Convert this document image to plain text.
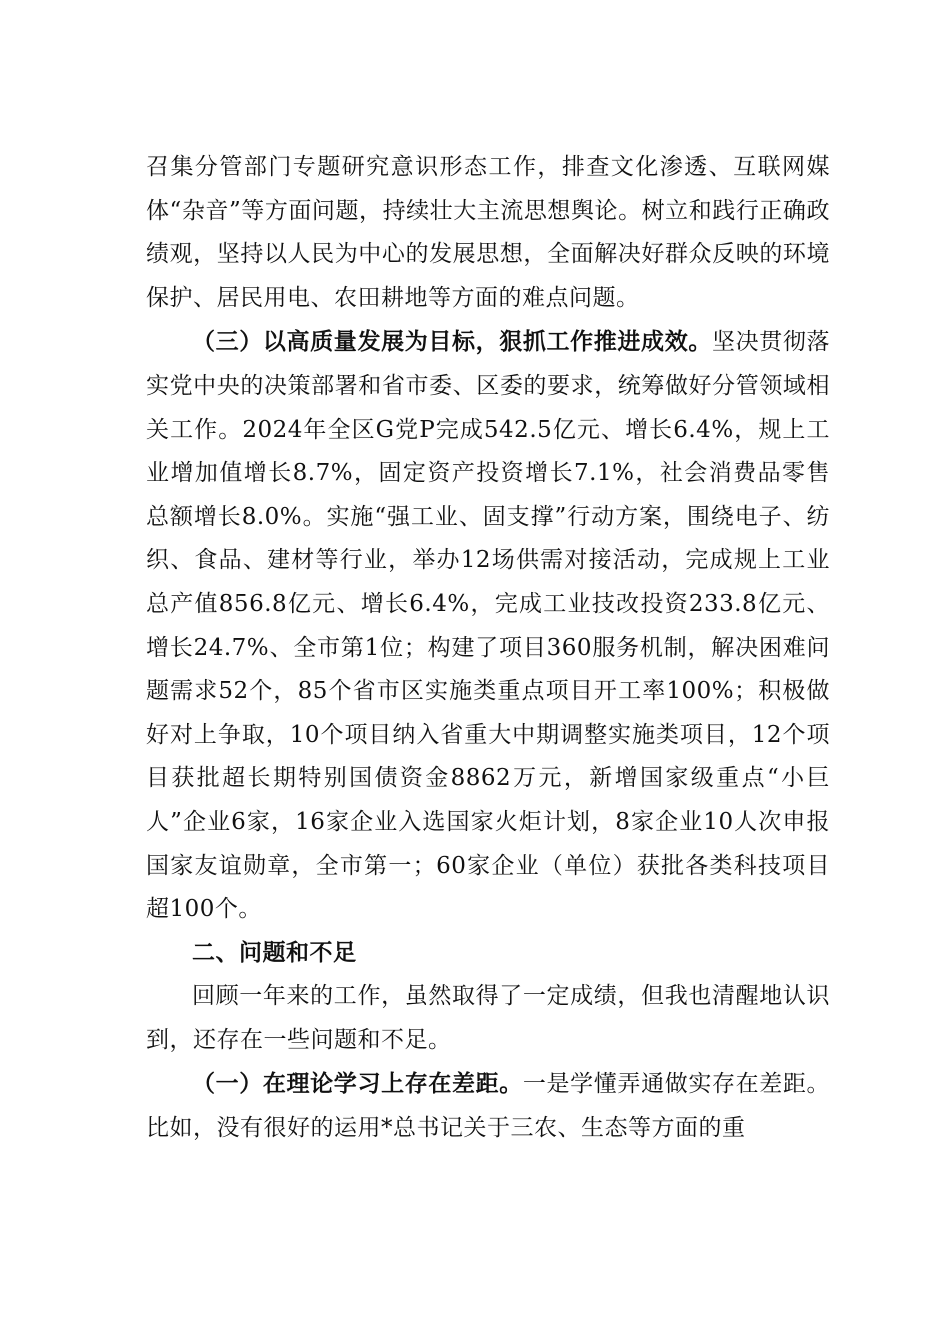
召集分管部门专题研究意识形态工作，排查文化渗透、互联网媒体“杂音”等方面问题，持续壮大主流思想舆论。树立和践行正确政绩观，坚持以人民为中心的发展思想，全面解决好群众反映的环境保护、居民用电、农田耕地等方面的难点问题。

（三）以高质量发展为目标，狠抓工作推进成效。坚决贯彻落实党中央的决策部署和省市委、区委的要求，统筹做好分管领域相关工作。2024年全区G党P完成542.5亿元、增长6.4%，规上工业增加值增长8.7%，固定资产投资增长7.1%，社会消费品零售总额增长8.0%。实施“强工业、固支撑”行动方案，围绕电子、纺织、食品、建材等行业，举办12场供需对接活动，完成规上工业总产值856.8亿元、增长6.4%，完成工业技改投资233.8亿元、增长24.7%、全市第1位；构建了项目360服务机制，解决困难问题需求52个，85个省市区实施类重点项目开工率100%；积极做好对上争取，10个项目纳入省重大中期调整实施类项目，12个项目获批超长期特别国债资金8862万元，新增国家级重点“小巨人”企业6家，16家企业入选国家火炬计划，8家企业10人次申报国家友谊勋章，全市第一；60家企业（单位）获批各类科技项目超100个。

二、问题和不足

回顾一年来的工作，虽然取得了一定成绩，但我也清醒地认识到，还存在一些问题和不足。

（一）在理论学习上存在差距。一是学懂弄通做实存在差距。比如，没有很好的运用*总书记关于三农、生态等方面的重
